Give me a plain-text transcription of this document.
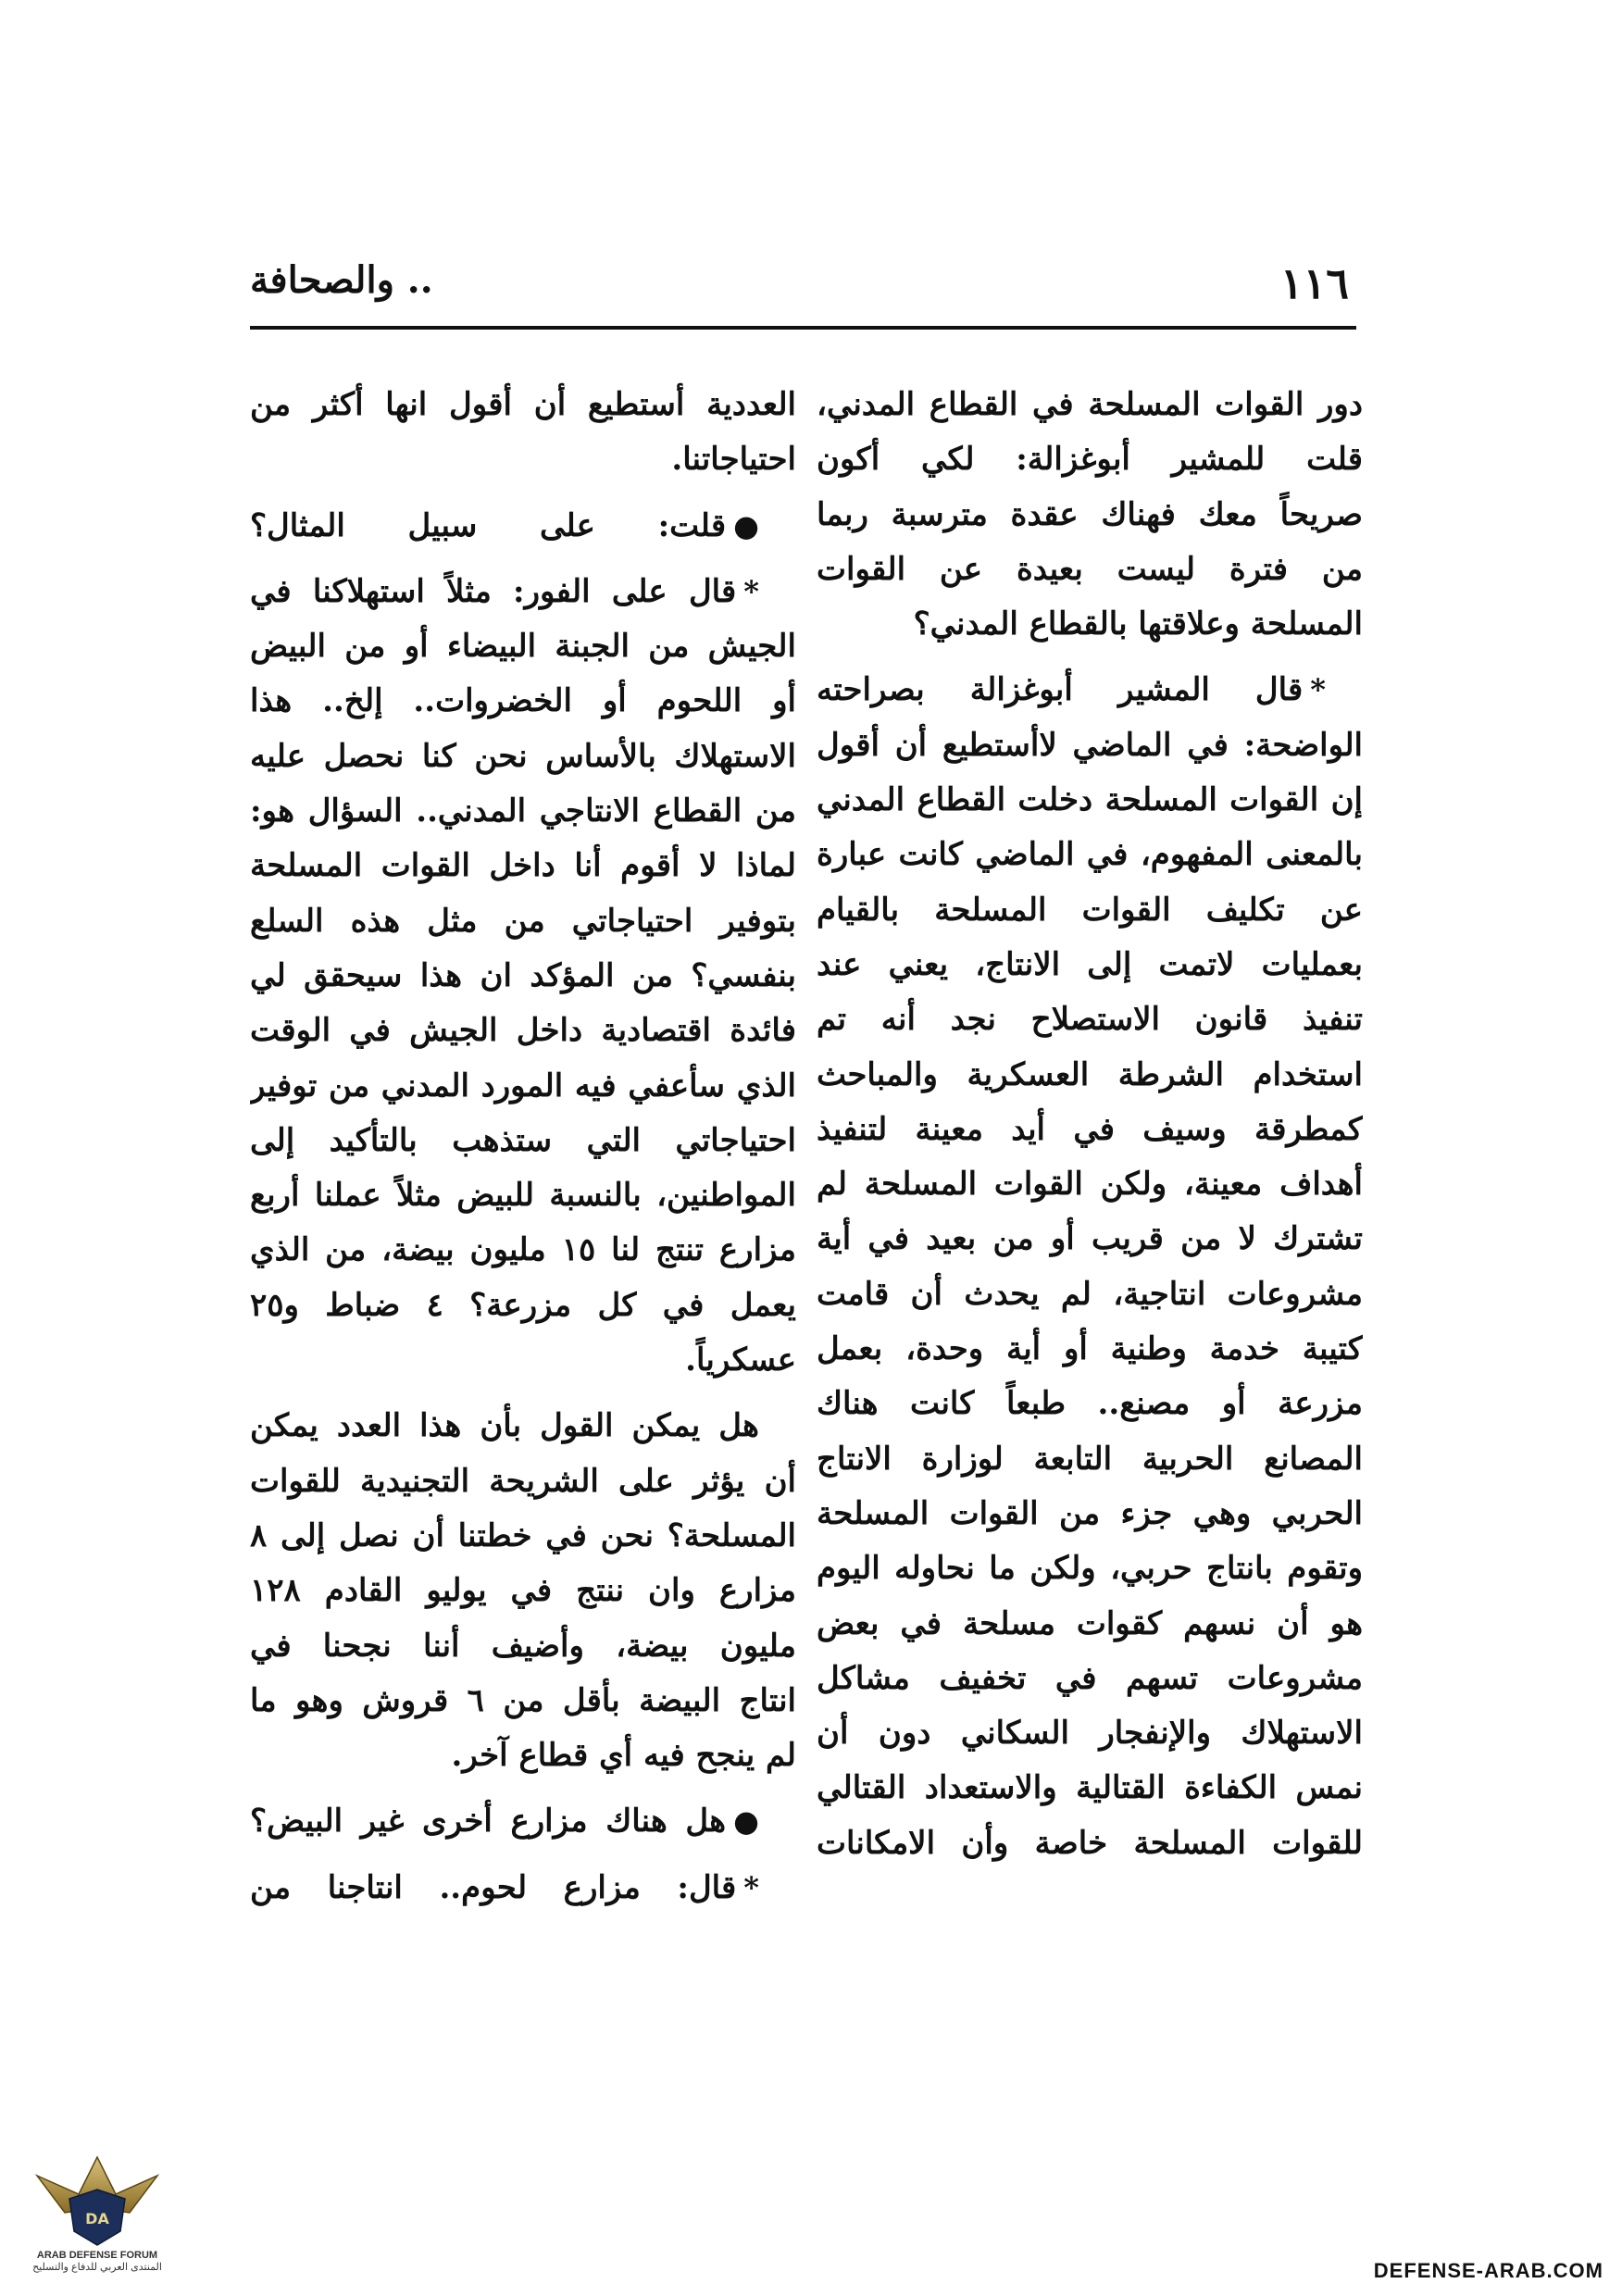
١١٦
.. والصحافة
دور القوات المسلحة في القطاع المدني،
قلت للمشير أبوغزالة: لكي أكون
صريحاً معك فهناك عقدة مترسبة ربما
من فترة ليست بعيدة عن القوات
المسلحة وعلاقتها بالقطاع المدني؟
*قال المشير أبوغزالة بصراحته
الواضحة: في الماضي لاأستطيع أن أقول
إن القوات المسلحة دخلت القطاع المدني
بالمعنى المفهوم، في الماضي كانت عبارة
عن تكليف القوات المسلحة بالقيام
بعمليات لاتمت إلى الانتاج، يعني عند
تنفيذ قانون الاستصلاح نجد أنه تم
استخدام الشرطة العسكرية والمباحث
كمطرقة وسيف في أيد معينة لتنفيذ
أهداف معينة، ولكن القوات المسلحة لم
تشترك لا من قريب أو من بعيد في أية
مشروعات انتاجية، لم يحدث أن قامت
كتيبة خدمة وطنية أو أية وحدة، بعمل
مزرعة أو مصنع.. طبعاً كانت هناك
المصانع الحربية التابعة لوزارة الانتاج
الحربي وهي جزء من القوات المسلحة
وتقوم بانتاج حربي، ولكن ما نحاوله اليوم
هو أن نسهم كقوات مسلحة في بعض
مشروعات تسهم في تخفيف مشاكل
الاستهلاك والإنفجار السكاني دون أن
نمس الكفاءة القتالية والاستعداد القتالي
للقوات المسلحة خاصة وأن الامكانات
العددية أستطيع أن أقول انها أكثر من
احتياجاتنا.
●قلت: على سبيل المثال؟
*قال على الفور: مثلاً استهلاكنا في
الجيش من الجبنة البيضاء أو من البيض
أو اللحوم أو الخضروات.. إلخ.. هذا
الاستهلاك بالأساس نحن كنا نحصل عليه
من القطاع الانتاجي المدني.. السؤال هو:
لماذا لا أقوم أنا داخل القوات المسلحة
بتوفير احتياجاتي من مثل هذه السلع
بنفسي؟ من المؤكد ان هذا سيحقق لي
فائدة اقتصادية داخل الجيش في الوقت
الذي سأعفي فيه المورد المدني من توفير
احتياجاتي التي ستذهب بالتأكيد إلى
المواطنين، بالنسبة للبيض مثلاً عملنا أربع
مزارع تنتج لنا ١٥ مليون بيضة، من الذي
يعمل في كل مزرعة؟ ٤ ضباط و٢٥
عسكرياً.
هل يمكن القول بأن هذا العدد يمكن
أن يؤثر على الشريحة التجنيدية للقوات
المسلحة؟ نحن في خطتنا أن نصل إلى ٨
مزارع وان ننتج في يوليو القادم ١٢٨
مليون بيضة، وأضيف أننا نجحنا في
انتاج البيضة بأقل من ٦ قروش وهو ما
لم ينجح فيه أي قطاع آخر.
●هل هناك مزارع أخرى غير البيض؟
*قال: مزارع لحوم.. انتاجنا من
DA
ARAB DEFENSE FORUM
المنتدى العربي للدفاع والتسليح	DEFENSE-ARAB.COM
